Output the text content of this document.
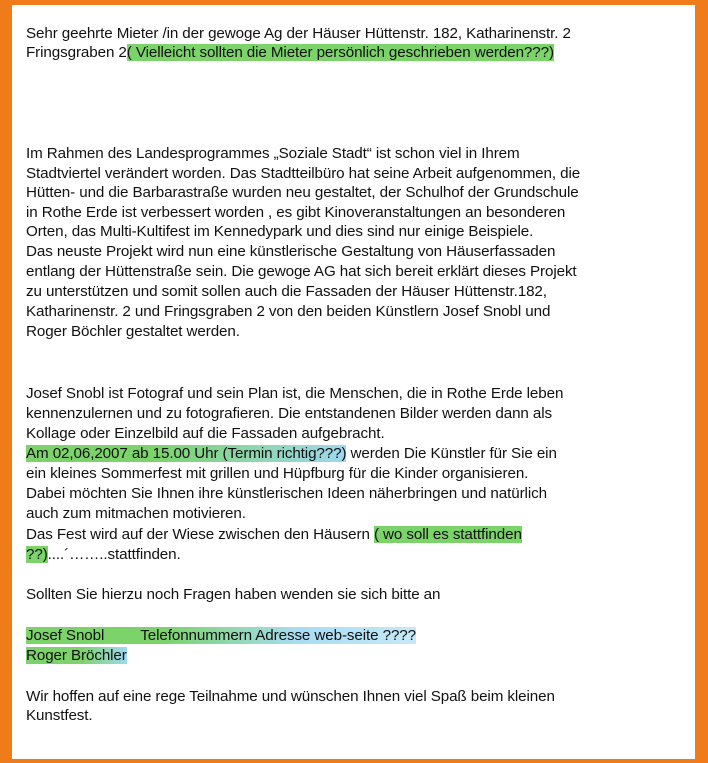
Sehr geehrte Mieter /in der gewoge Ag der Häuser Hüttenstr. 182, Katharinenstr. 2
Fringsgraben 2( Vielleicht sollten die Mieter persönlich geschrieben werden???)
Im Rahmen des Landesprogrammes „Soziale Stadt“ ist schon viel in Ihrem
Stadtviertel verändert worden. Das Stadtteilbüro hat seine Arbeit aufgenommen, die
Hütten- und die Barbarastraße wurden neu gestaltet, der Schulhof der Grundschule
in Rothe Erde ist verbessert worden , es gibt Kinoveranstaltungen an besonderen
Orten, das Multi-Kultifest im Kennedypark und dies sind nur einige Beispiele.
Das neuste Projekt wird nun eine künstlerische Gestaltung von Häuserfassaden
entlang der Hüttenstraße sein. Die gewoge AG hat sich bereit erklärt dieses Projekt
zu unterstützen und somit sollen auch die Fassaden der Häuser Hüttenstr.182,
Katharinenstr. 2 und Fringsgraben 2 von den beiden Künstlern Josef Snobl und
Roger Böchler gestaltet werden.
Josef Snobl ist Fotograf und sein Plan ist, die Menschen, die in Rothe Erde leben
kennenzulernen und zu fotografieren. Die entstandenen Bilder werden dann als
Kollage oder Einzelbild auf die Fassaden aufgebracht.
Am 02,06,2007 ab 15.00 Uhr (Termin richtig???) werden Die Künstler für Sie ein
ein kleines Sommerfest mit grillen und Hüpfburg für die Kinder organisieren.
Dabei möchten Sie Ihnen ihre künstlerischen Ideen näherbringen und natürlich
auch zum mitmachen motivieren.
Das Fest wird auf der Wiese zwischen den Häusern ( wo soll es stattfinden
??)....´……..stattfinden.
Sollten Sie hierzu noch Fragen haben wenden sie sich bitte an
Josef Snobl Telefonnummern Adresse web-seite ????
Roger Bröchler
Wir hoffen auf eine rege Teilnahme und wünschen Ihnen viel Spaß beim kleinen
Kunstfest.
